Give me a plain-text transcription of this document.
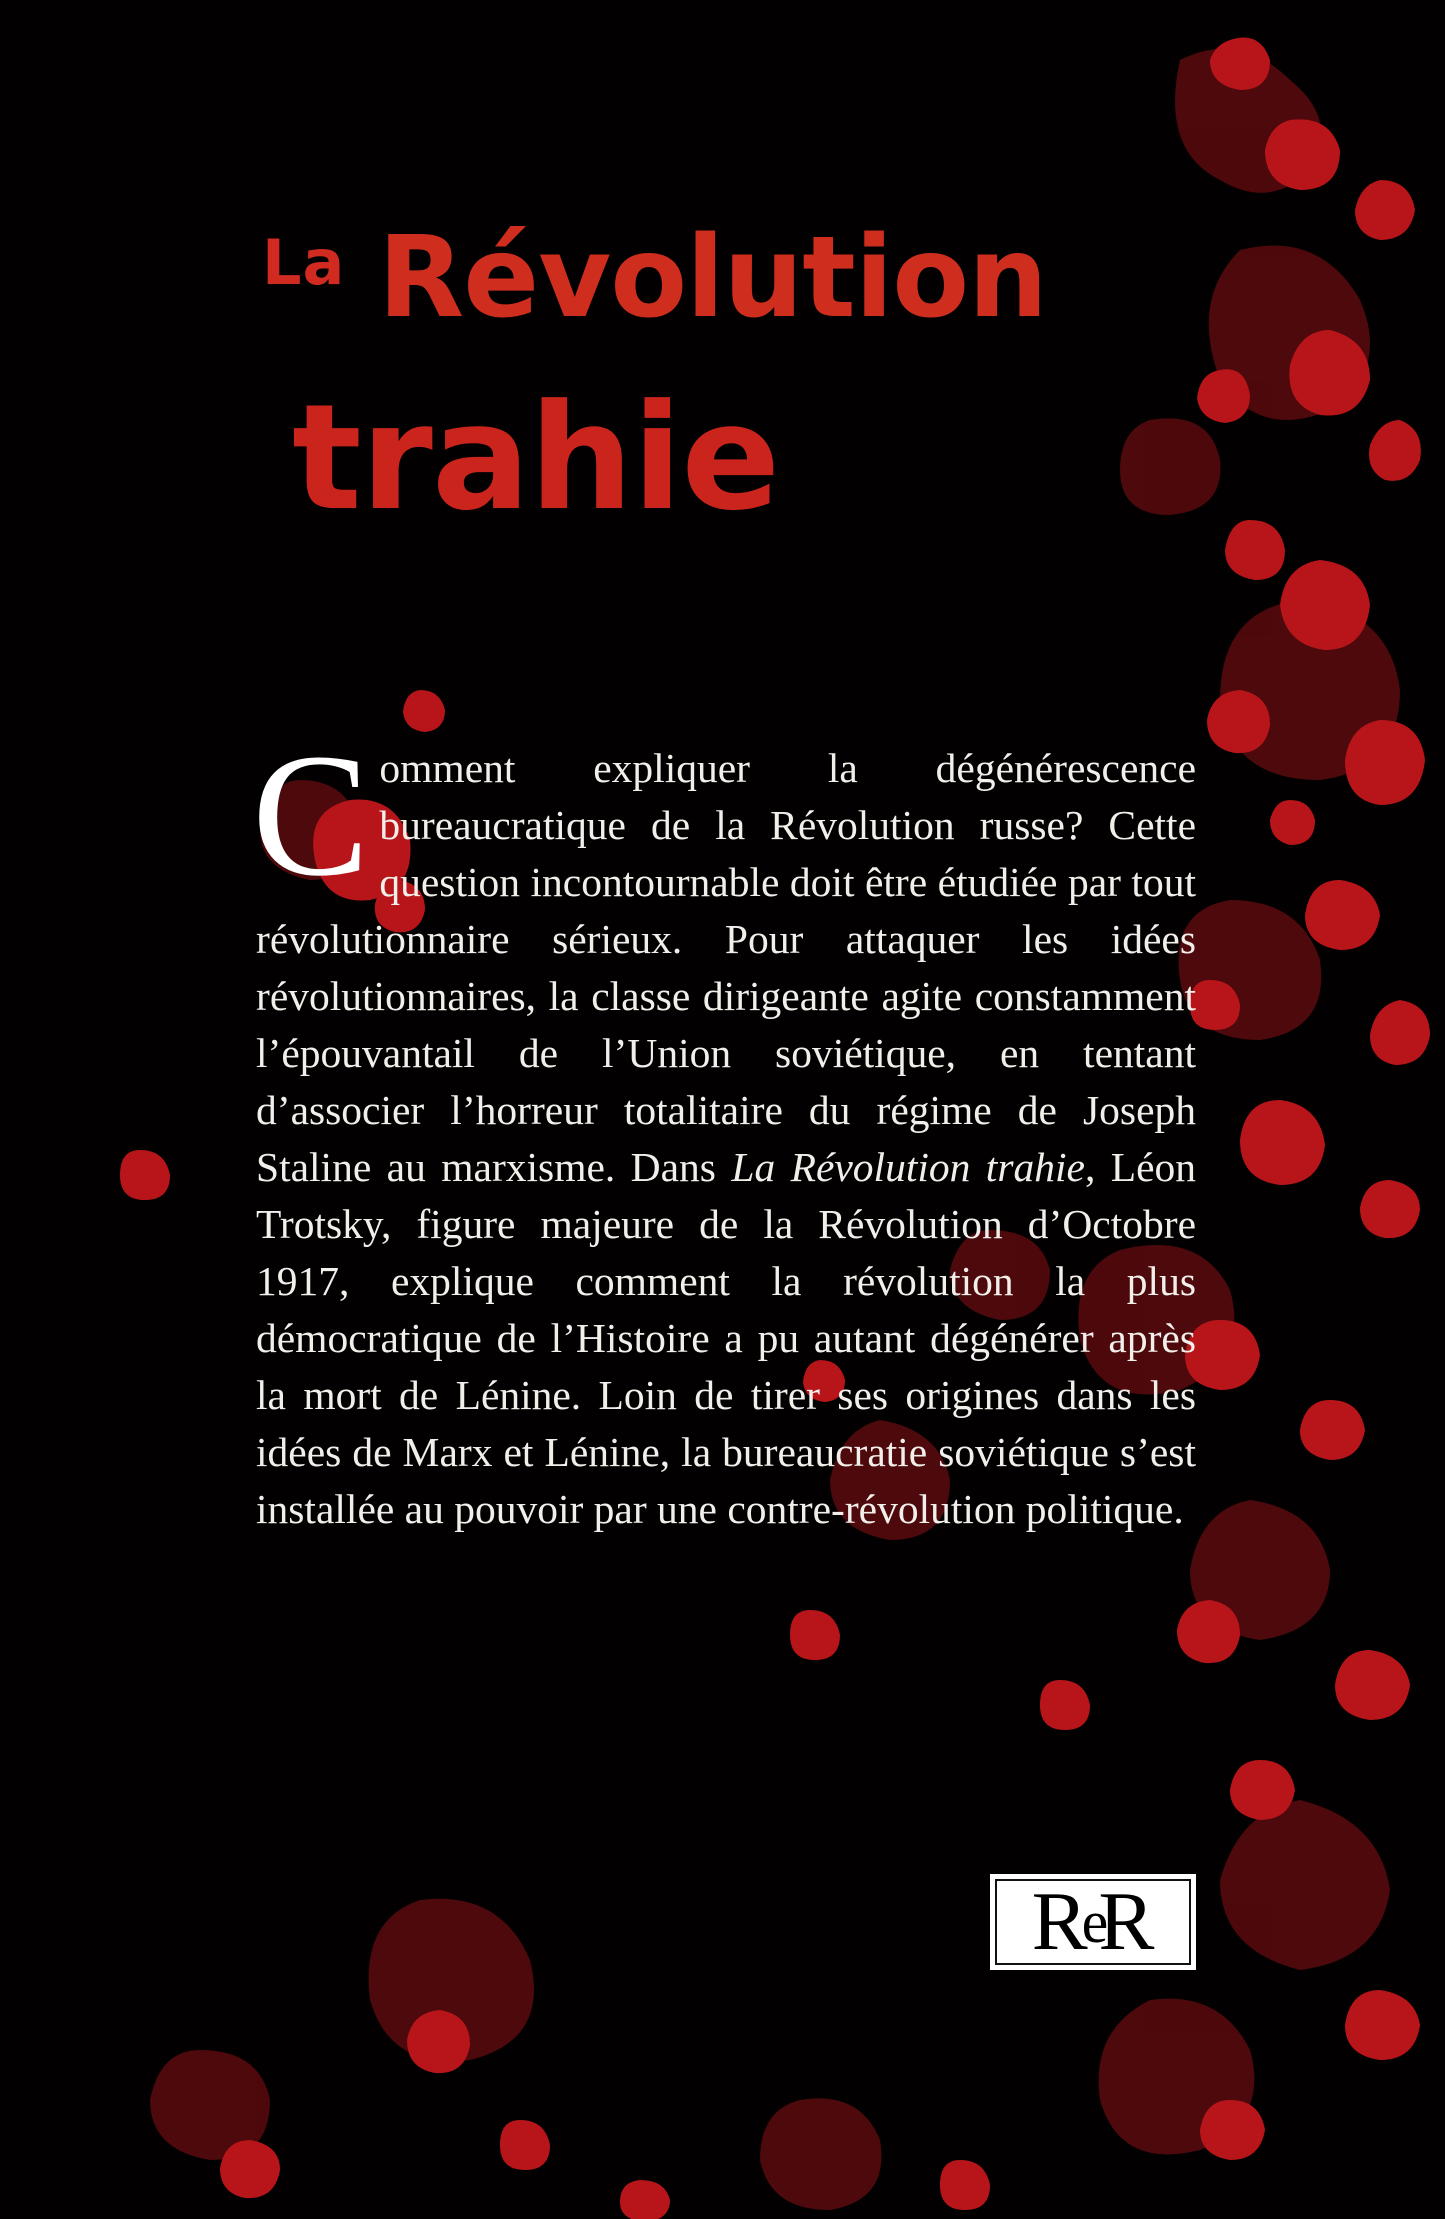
La Révolution
trahie

Comment expliquer la dégénérescence bureaucratique de la Révolution russe? Cette question incontournable doit être étudiée par tout révolutionnaire sérieux. Pour attaquer les idées révolutionnaires, la classe dirigeante agite constamment l’épouvantail de l’Union soviétique, en tentant d’associer l’horreur totalitaire du régime de Joseph Staline au marxisme. Dans La Révolution trahie, Léon Trotsky, figure majeure de la Révolution d’Octobre 1917, explique comment la révolution la plus démocratique de l’Histoire a pu autant dégénérer après la mort de Lénine. Loin de tirer ses origines dans les idées de Marx et Lénine, la bureaucratie soviétique s’est installée au pouvoir par une contre-révolution politique.

R e
R
